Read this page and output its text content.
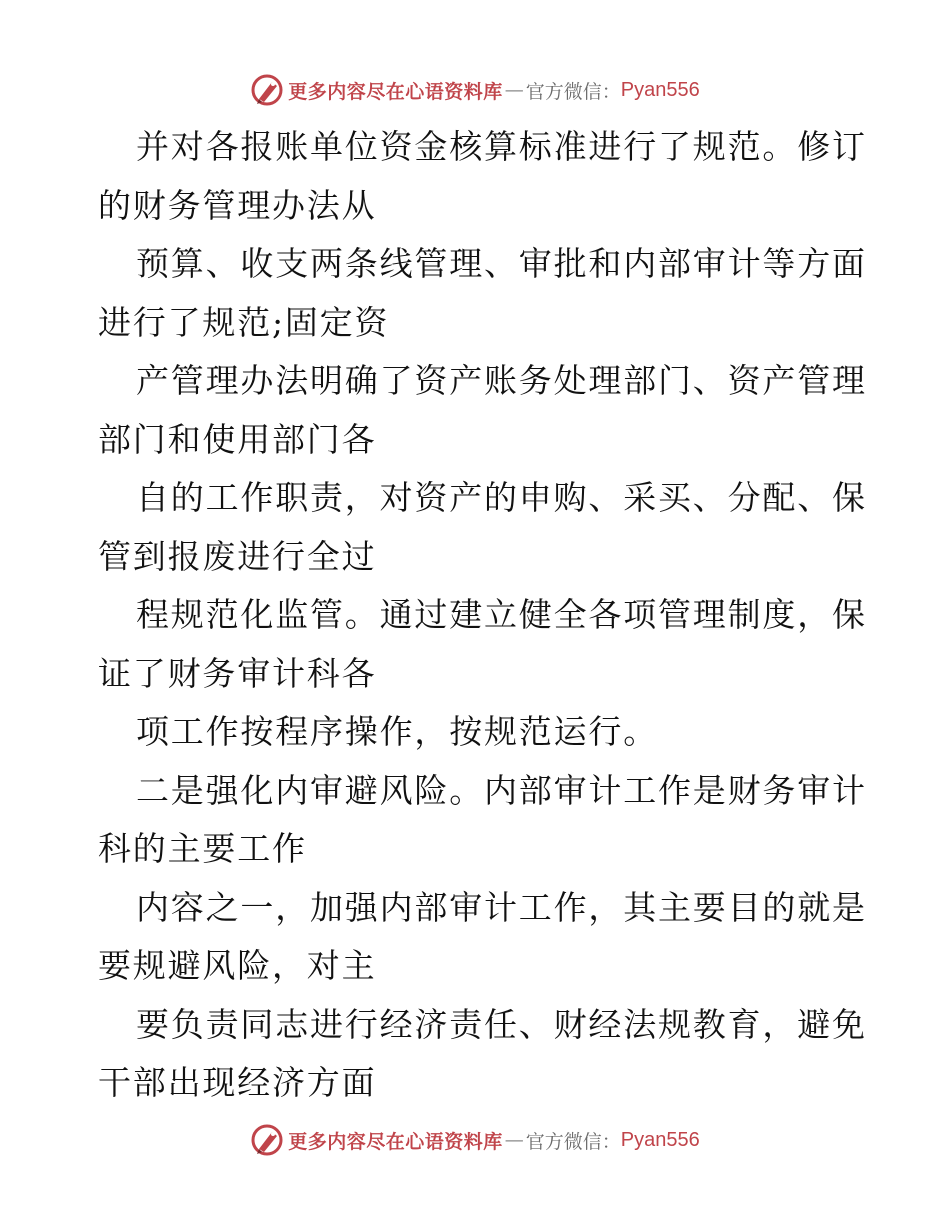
更多内容尽在心语资料库 — 官方微信： Pyan556
并对各报账单位资金核算标准进行了规范。修订
的财务管理办法从
预算、收支两条线管理、审批和内部审计等方面
进行了规范;固定资
产管理办法明确了资产账务处理部门、资产管理
部门和使用部门各
自的工作职责，对资产的申购、采买、分配、保
管到报废进行全过
程规范化监管。通过建立健全各项管理制度，保
证了财务审计科各
项工作按程序操作，按规范运行。
二是强化内审避风险。内部审计工作是财务审计
科的主要工作
内容之一，加强内部审计工作，其主要目的就是
要规避风险，对主
要负责同志进行经济责任、财经法规教育，避免
干部出现经济方面
更多内容尽在心语资料库 — 官方微信： Pyan556
